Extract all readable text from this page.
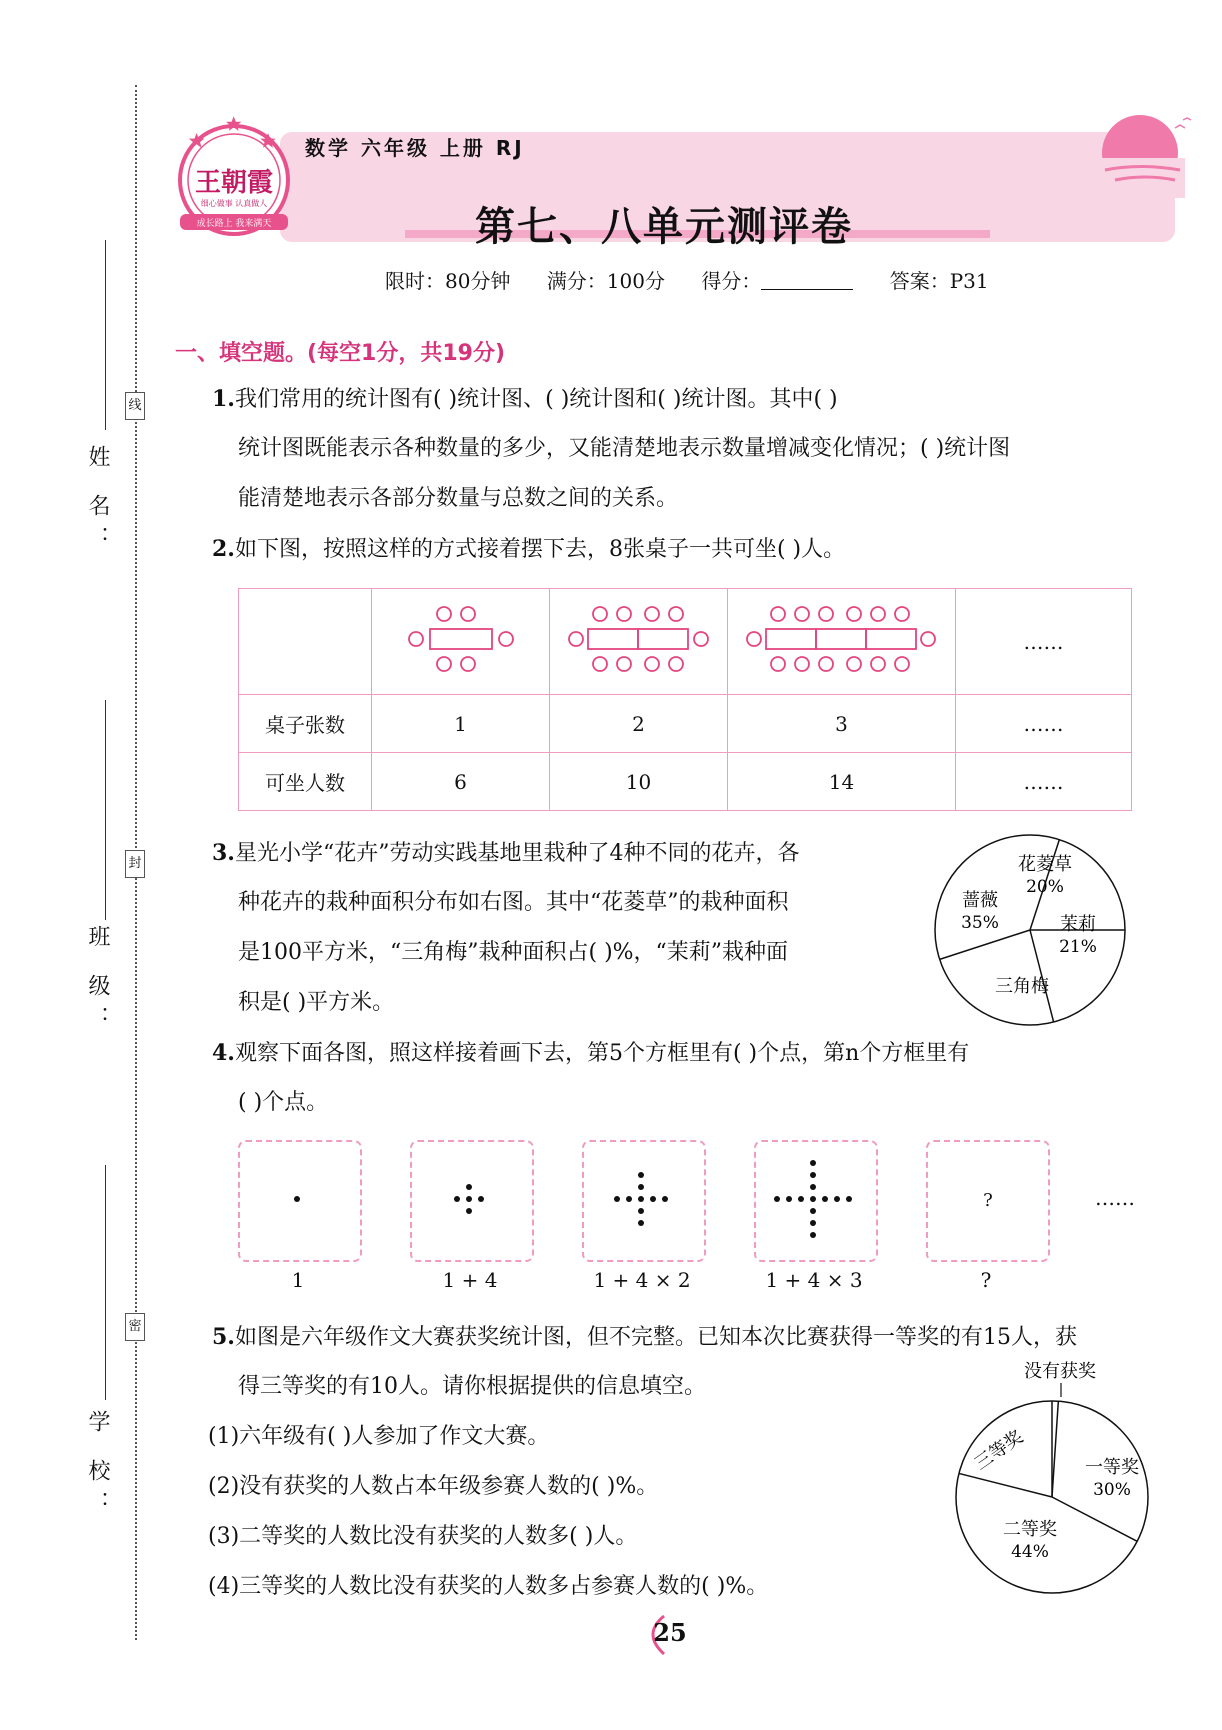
姓 名：
班 级：
学 校：
线
封
密
王朝霞
细心做事 认真做人
成长路上 我来满天
数学 六年级 上册 RJ
第七、八单元测评卷
限时：80分钟 满分：100分 得分：	答案：P31
一、填空题。(每空1分，共19分)
1.我们常用的统计图有( )统计图、( )统计图和( )统计图。其中( )
统计图既能表示各种数量的多少，又能清楚地表示数量增减变化情况；( )统计图
能清楚地表示各部分数量与总数之间的关系。
2.如下图，按照这样的方式接着摆下去，8张桌子一共可坐( )人。
				……
桌子张数	1	2	3	……
可坐人数	6	10	14	……
3.星光小学“花卉”劳动实践基地里栽种了4种不同的花卉，各
种花卉的栽种面积分布如右图。其中“花菱草”的栽种面积
是100平方米，“三角梅”栽种面积占( )%，“茉莉”栽种面
积是( )平方米。
花菱草
20%
茉莉
21%
三角梅
蔷薇
35%
4.观察下面各图，照这样接着画下去，第5个方框里有( )个点，第n个方框里有
( )个点。
?	……
1	1 + 4	1 + 4 × 2	1 + 4 × 3	?
5.如图是六年级作文大赛获奖统计图，但不完整。已知本次比赛获得一等奖的有15人，获
得三等奖的有10人。请你根据提供的信息填空。
(1)六年级有( )人参加了作文大赛。
(2)没有获奖的人数占本年级参赛人数的( )%。
(3)二等奖的人数比没有获奖的人数多( )人。
(4)三等奖的人数比没有获奖的人数多占参赛人数的( )%。
没有获奖
一等奖
30%
二等奖
44%
三等奖
25
